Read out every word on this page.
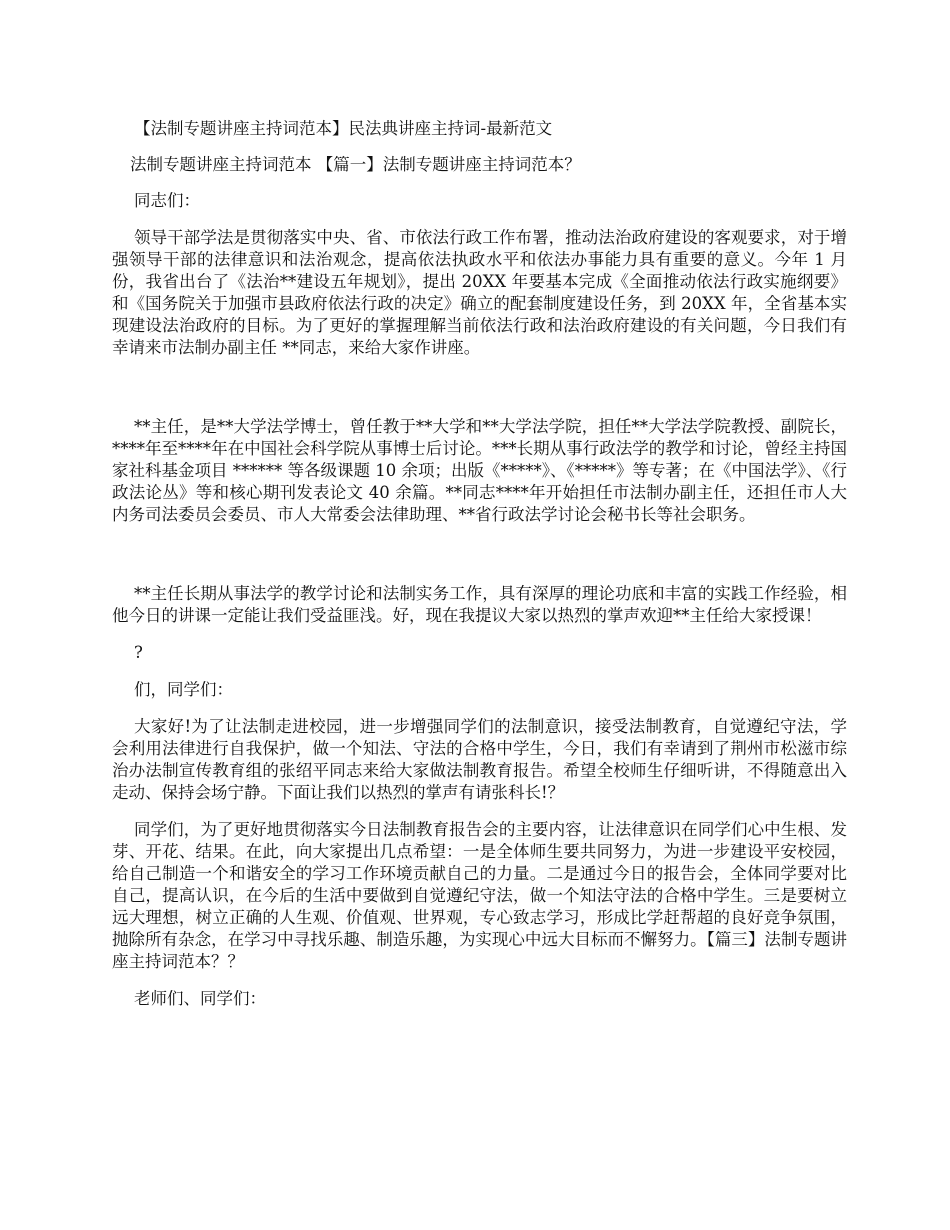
【法制专题讲座主持词范本】民法典讲座主持词-最新范文

法制专题讲座主持词范本 【篇一】法制专题讲座主持词范本？

同志们：

领导干部学法是贯彻落实中央、省、市依法行政工作布署，推动法治政府建设的客观要求，对于增强领导干部的法律意识和法治观念，提高依法执政水平和依法办事能力具有重要的意义。今年 1 月份，我省出台了《法治**建设五年规划》，提出 20XX 年要基本完成《全面推动依法行政实施纲要》和《国务院关于加强市县政府依法行政的决定》确立的配套制度建设任务，到 20XX 年，全省基本实现建设法治政府的目标。为了更好的掌握理解当前依法行政和法治政府建设的有关问题，今日我们有幸请来市法制办副主任 **同志，来给大家作讲座。

**主任，是**大学法学博士，曾任教于**大学和**大学法学院，担任**大学法学院教授、副院长，****年至****年在中国社会科学院从事博士后讨论。***长期从事行政法学的教学和讨论，曾经主持国家社科基金项目 ****** 等各级课题 10 余项；出版《*****》、《*****》等专著；在《中国法学》、《行政法论丛》等和核心期刊发表论文 40 余篇。**同志****年开始担任市法制办副主任，还担任市人大内务司法委员会委员、市人大常委会法律助理、**省行政法学讨论会秘书长等社会职务。

**主任长期从事法学的教学讨论和法制实务工作，具有深厚的理论功底和丰富的实践工作经验，相他今日的讲课一定能让我们受益匪浅。好，现在我提议大家以热烈的掌声欢迎**主任给大家授课！

?

们，同学们：

大家好!为了让法制走进校园，进一步增强同学们的法制意识，接受法制教育，自觉遵纪守法，学会利用法律进行自我保护，做一个知法、守法的合格中学生，今日，我们有幸请到了荆州市松滋市综治办法制宣传教育组的张绍平同志来给大家做法制教育报告。希望全校师生仔细听讲，不得随意出入走动、保持会场宁静。下面让我们以热烈的掌声有请张科长!？

同学们，为了更好地贯彻落实今日法制教育报告会的主要内容，让法律意识在同学们心中生根、发芽、开花、结果。在此，向大家提出几点希望：一是全体师生要共同努力，为进一步建设平安校园，给自己制造一个和谐安全的学习工作环境贡献自己的力量。二是通过今日的报告会，全体同学要对比自己，提高认识，在今后的生活中要做到自觉遵纪守法，做一个知法守法的合格中学生。三是要树立远大理想，树立正确的人生观、价值观、世界观，专心致志学习，形成比学赶帮超的良好竞争氛围，抛除所有杂念，在学习中寻找乐趣、制造乐趣，为实现心中远大目标而不懈努力。【篇三】法制专题讲座主持词范本？？

老师们、同学们：
